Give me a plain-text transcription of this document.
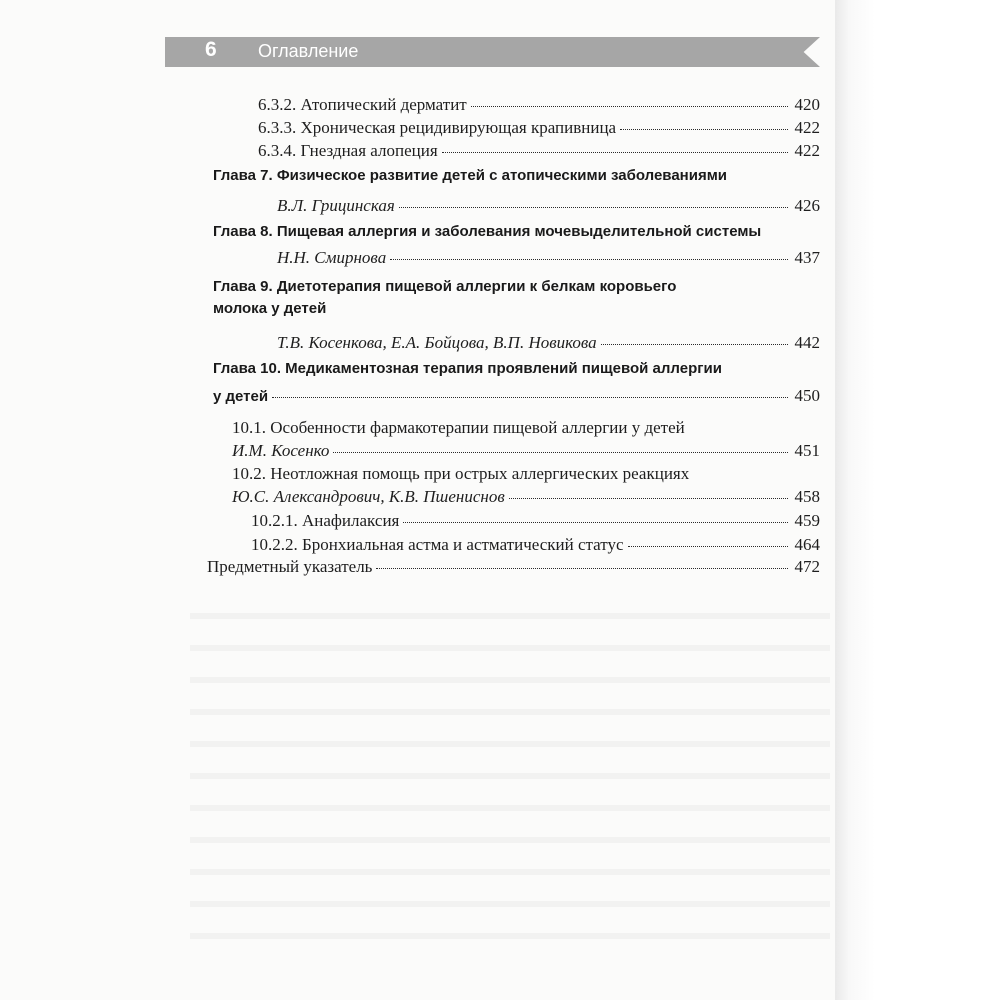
6 Оглавление
6.3.2. Атопический дерматит	420
6.3.3. Хроническая рецидивирующая крапивница	422
6.3.4. Гнездная алопеция	422
Глава 7. Физическое развитие детей с атопическими заболеваниями
В.Л. Грицинская	426
Глава 8. Пищевая аллергия и заболевания мочевыделительной системы
Н.Н. Смирнова	437
Глава 9. Диетотерапия пищевой аллергии к белкам коровьего
молока у детей
Т.В. Косенкова, Е.А. Бойцова, В.П. Новикова	442
Глава 10. Медикаментозная терапия проявлений пищевой аллергии
у детей	450
10.1. Особенности фармакотерапии пищевой аллергии у детей
И.М. Косенко	451
10.2. Неотложная помощь при острых аллергических реакциях
Ю.С. Александрович, К.В. Пшениснов	458
10.2.1. Анафилаксия	459
10.2.2. Бронхиальная астма и астматический статус	464
Предметный указатель	472
